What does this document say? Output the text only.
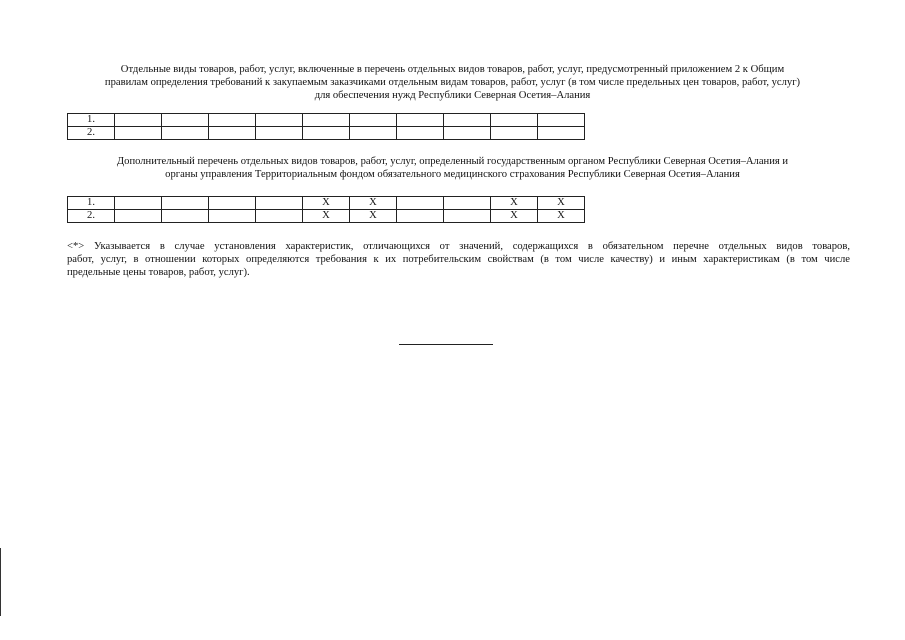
Отдельные виды товаров, работ, услуг, включенные в перечень отдельных видов товаров, работ, услуг, предусмотренный приложением 2 к Общим
правилам определения требований к закупаемым заказчиками отдельным видам товаров, работ, услуг (в том числе предельных цен товаров, работ, услуг)
для обеспечения нужд Республики Северная Осетия–Алания
1.										
2.										
Дополнительный перечень отдельных видов товаров, работ, услуг, определенный государственным органом Республики Северная Осетия–Алания и
органы управления Территориальным фондом обязательного медицинского страхования Республики Северная Осетия–Алания
1.					X	X			X	X
2.					X	X			X	X
<*> Указывается в случае установления характеристик, отличающихся от значений, содержащихся в обязательном перечне отдельных видов товаров,
работ, услуг, в отношении которых определяются требования к их потребительским свойствам (в том числе качеству) и иным характеристикам (в том числе
предельные цены товаров, работ, услуг).
